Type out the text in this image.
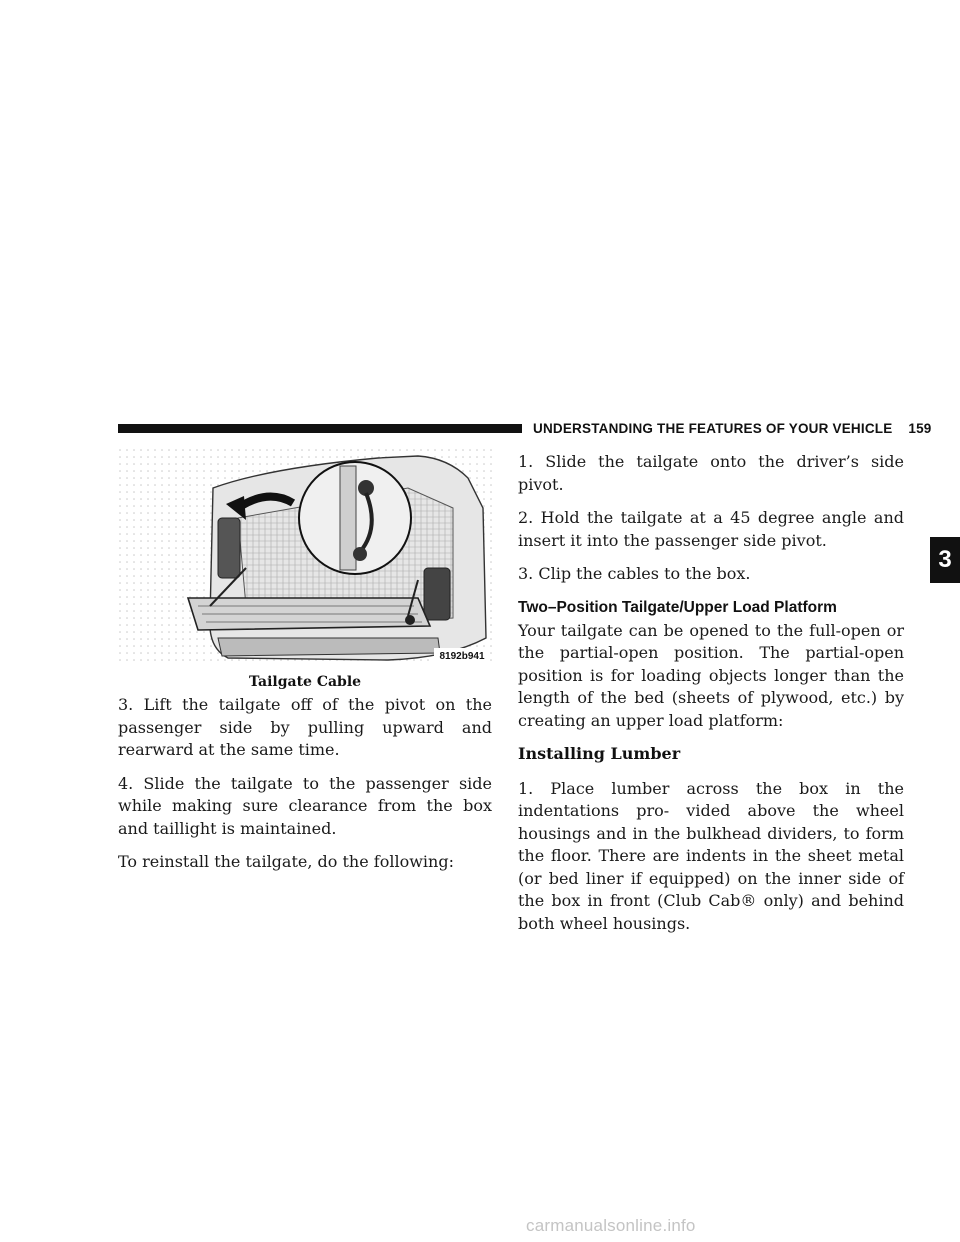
UNDERSTANDING THE FEATURES OF YOUR VEHICLE 159
8192b941
Tailgate Cable

3. Lift the tailgate off of the pivot on the passenger side by pulling upward and rearward at the same time.

4. Slide the tailgate to the passenger side while making sure clearance from the box and taillight is maintained.

To reinstall the tailgate, do the following:

1. Slide the tailgate onto the driver’s side pivot.

2. Hold the tailgate at a 45 degree angle and insert it into the passenger side pivot.

3. Clip the cables to the box.

Two–Position Tailgate/Upper Load Platform

Your tailgate can be opened to the full-open or the partial-open position. The partial-open position is for loading objects longer than the length of the bed (sheets of plywood, etc.) by creating an upper load platform:

Installing Lumber

1. Place lumber across the box in the indentations pro- vided above the wheel housings and in the bulkhead dividers, to form the floor. There are indents in the sheet metal (or bed liner if equipped) on the inner side of the box in front (Club Cab® only) and behind both wheel housings.

3
carmanualsonline.info
